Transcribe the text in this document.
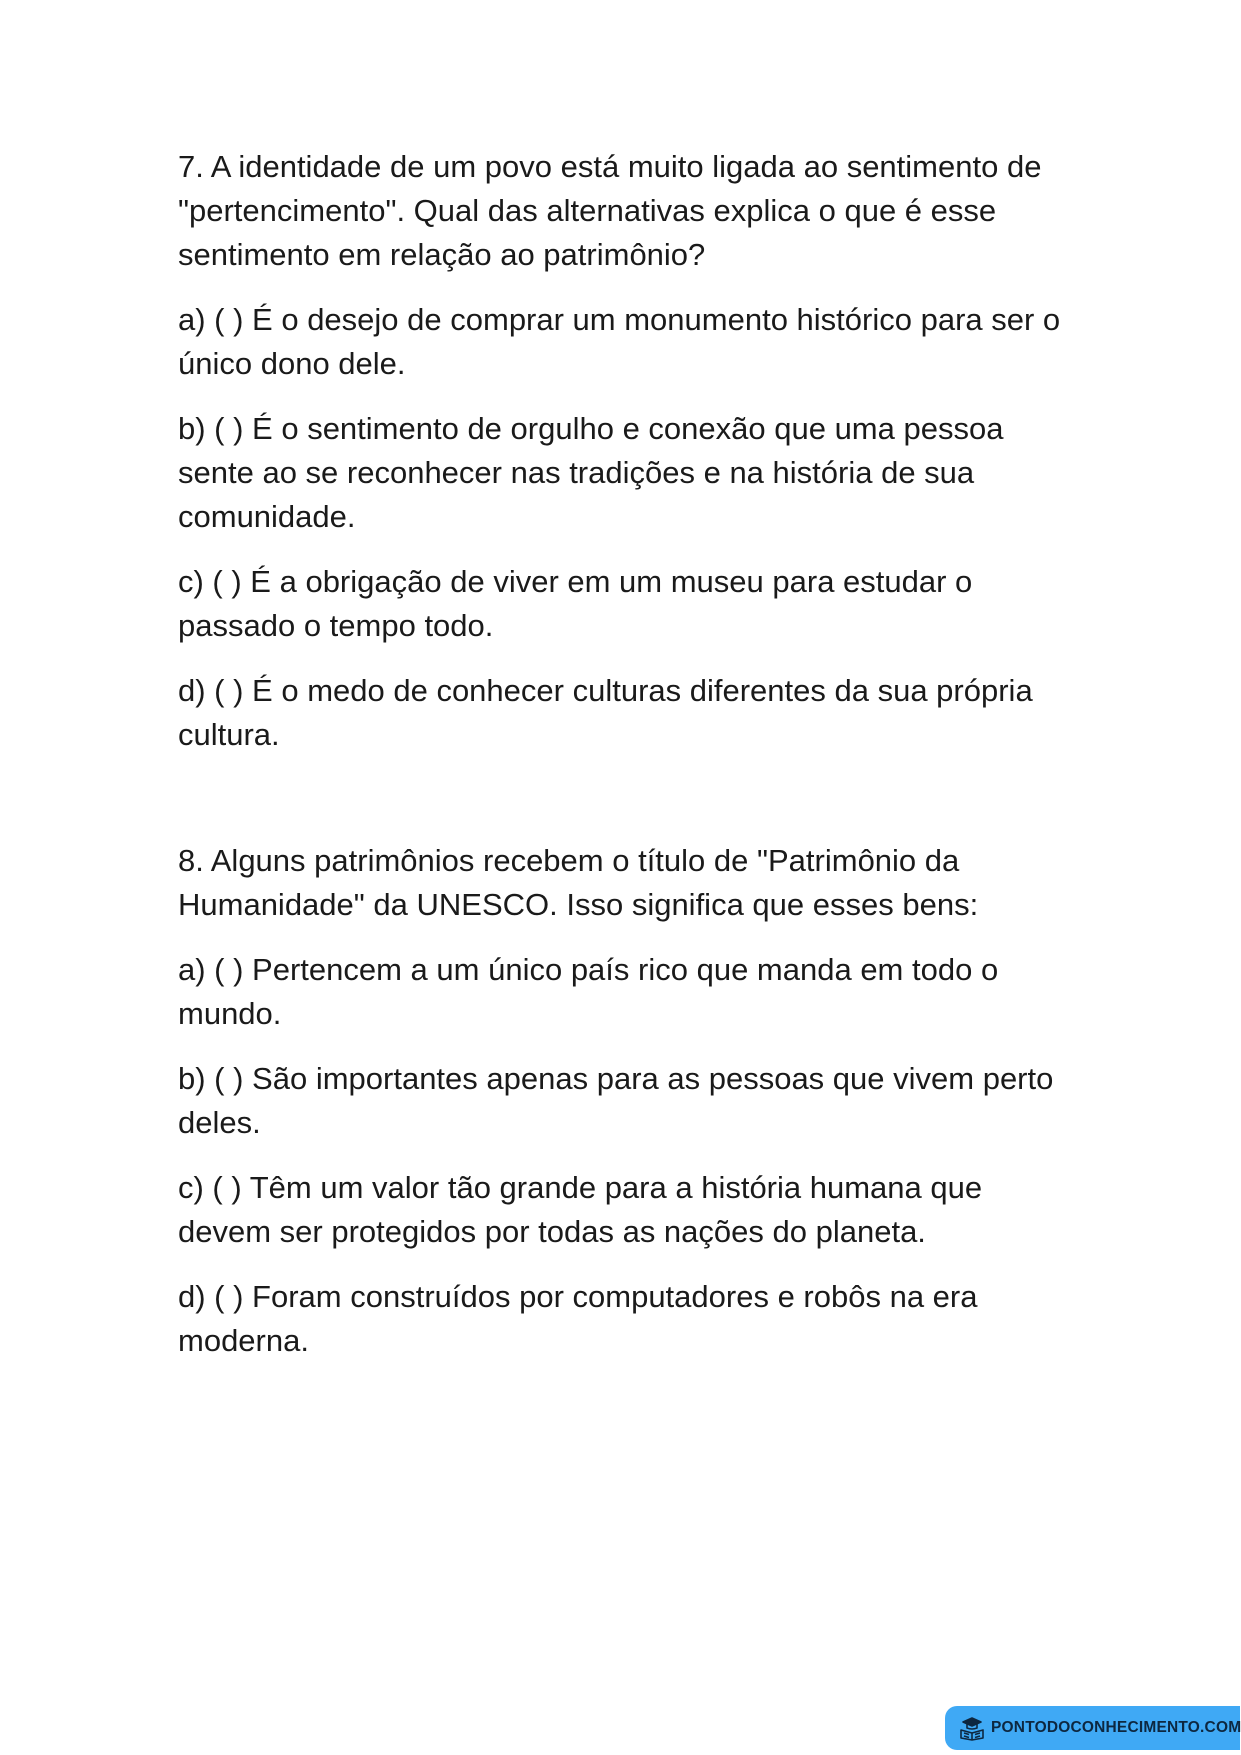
7. A identidade de um povo está muito ligada ao sentimento de "pertencimento". Qual das alternativas explica o que é esse sentimento em relação ao patrimônio?

a) ( ) É o desejo de comprar um monumento histórico para ser o único dono dele.

b) ( ) É o sentimento de orgulho e conexão que uma pessoa sente ao se reconhecer nas tradições e na história de sua comunidade.

c) ( ) É a obrigação de viver em um museu para estudar o passado o tempo todo.

d) ( ) É o medo de conhecer culturas diferentes da sua própria cultura.

8. Alguns patrimônios recebem o título de "Patrimônio da Humanidade" da UNESCO. Isso significa que esses bens:

a) ( ) Pertencem a um único país rico que manda em todo o mundo.

b) ( ) São importantes apenas para as pessoas que vivem perto deles.

c) ( ) Têm um valor tão grande para a história humana que devem ser protegidos por todas as nações do planeta.

d) ( ) Foram construídos por computadores e robôs na era moderna.

PONTODOCONHECIMENTO.COM
